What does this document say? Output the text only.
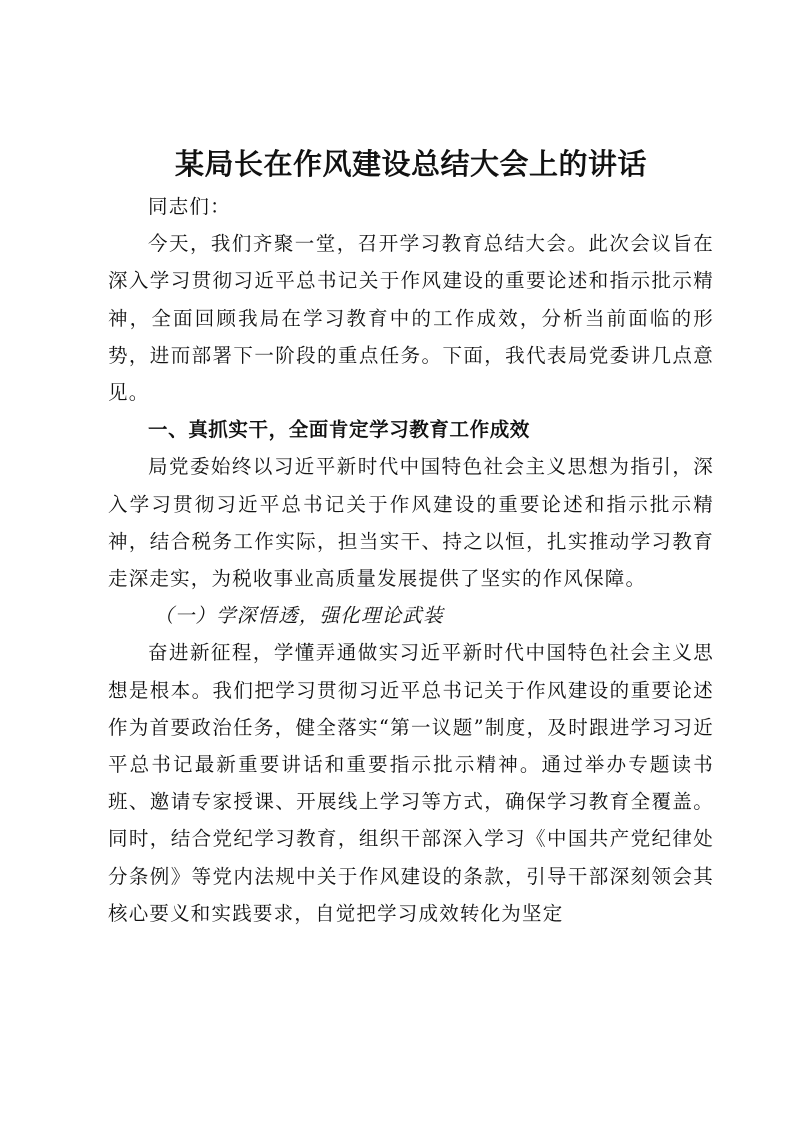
某局长在作风建设总结大会上的讲话

同志们：

今天，我们齐聚一堂，召开学习教育总结大会。此次会议旨在深入学习贯彻习近平总书记关于作风建设的重要论述和指示批示精神，全面回顾我局在学习教育中的工作成效，分析当前面临的形势，进而部署下一阶段的重点任务。下面，我代表局党委讲几点意见。

一、真抓实干，全面肯定学习教育工作成效

局党委始终以习近平新时代中国特色社会主义思想为指引，深入学习贯彻习近平总书记关于作风建设的重要论述和指示批示精神，结合税务工作实际，担当实干、持之以恒，扎实推动学习教育走深走实，为税收事业高质量发展提供了坚实的作风保障。

（一）学深悟透，强化理论武装

奋进新征程，学懂弄通做实习近平新时代中国特色社会主义思想是根本。我们把学习贯彻习近平总书记关于作风建设的重要论述作为首要政治任务，健全落实“第一议题”制度，及时跟进学习习近平总书记最新重要讲话和重要指示批示精神。通过举办专题读书班、邀请专家授课、开展线上学习等方式，确保学习教育全覆盖。同时，结合党纪学习教育，组织干部深入学习《中国共产党纪律处分条例》等党内法规中关于作风建设的条款，引导干部深刻领会其核心要义和实践要求，自觉把学习成效转化为坚定
